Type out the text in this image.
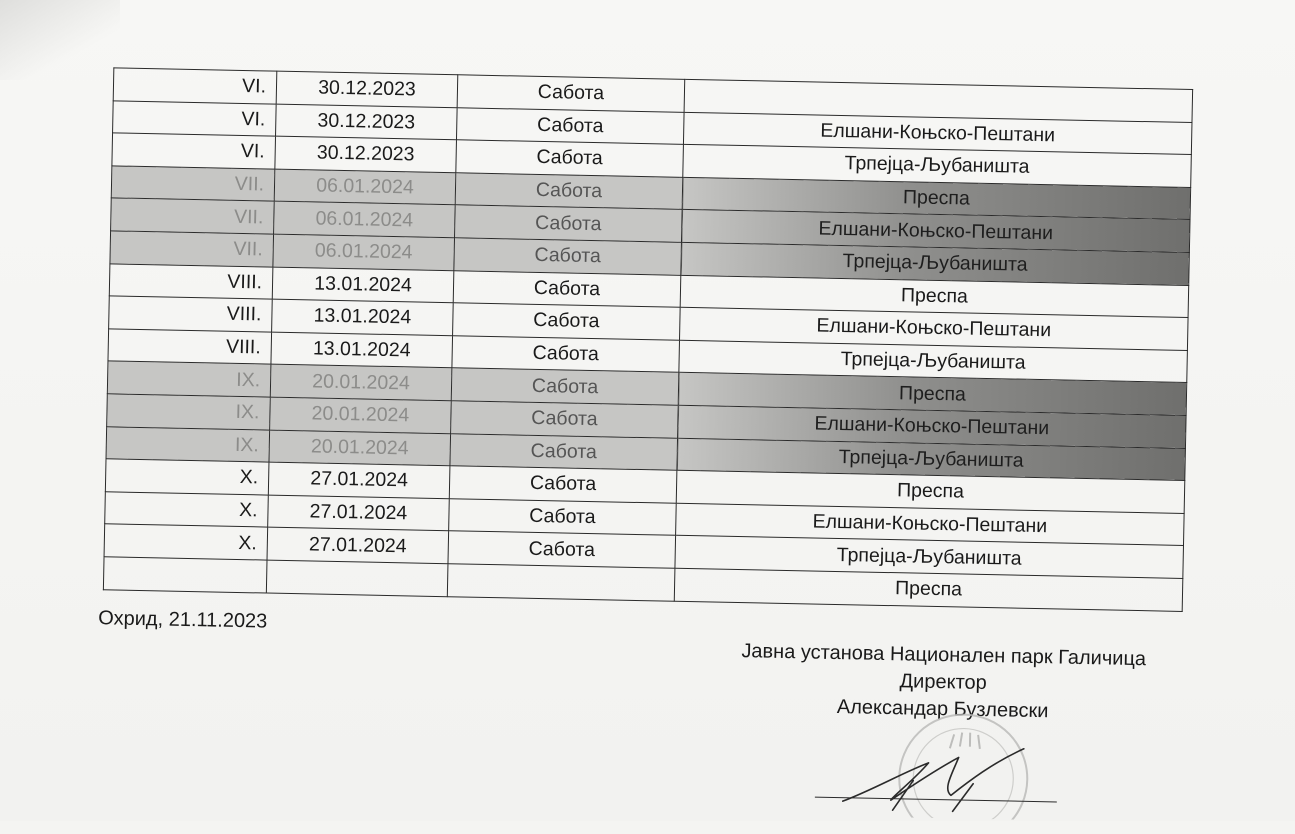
VI.	30.12.2023	Сабота	
VI.	30.12.2023	Сабота	Елшани-Коњско-Пештани
VI.	30.12.2023	Сабота	Трпејца-Љубаништа
VII.	06.01.2024	Сабота	Преспа
VII.	06.01.2024	Сабота	Елшани-Коњско-Пештани
VII.	06.01.2024	Сабота	Трпејца-Љубаништа
VIII.	13.01.2024	Сабота	Преспа
VIII.	13.01.2024	Сабота	Елшани-Коњско-Пештани
VIII.	13.01.2024	Сабота	Трпејца-Љубаништа
IX.	20.01.2024	Сабота	Преспа
IX.	20.01.2024	Сабота	Елшани-Коњско-Пештани
IX.	20.01.2024	Сабота	Трпејца-Љубаништа
X.	27.01.2024	Сабота	Преспа
X.	27.01.2024	Сабота	Елшани-Коњско-Пештани
X.	27.01.2024	Сабота	Трпејца-Љубаништа
			Преспа
Охрид, 21.11.2023
Јавна установа Национален парк Галичица
Директор
Александар Бузлевски
